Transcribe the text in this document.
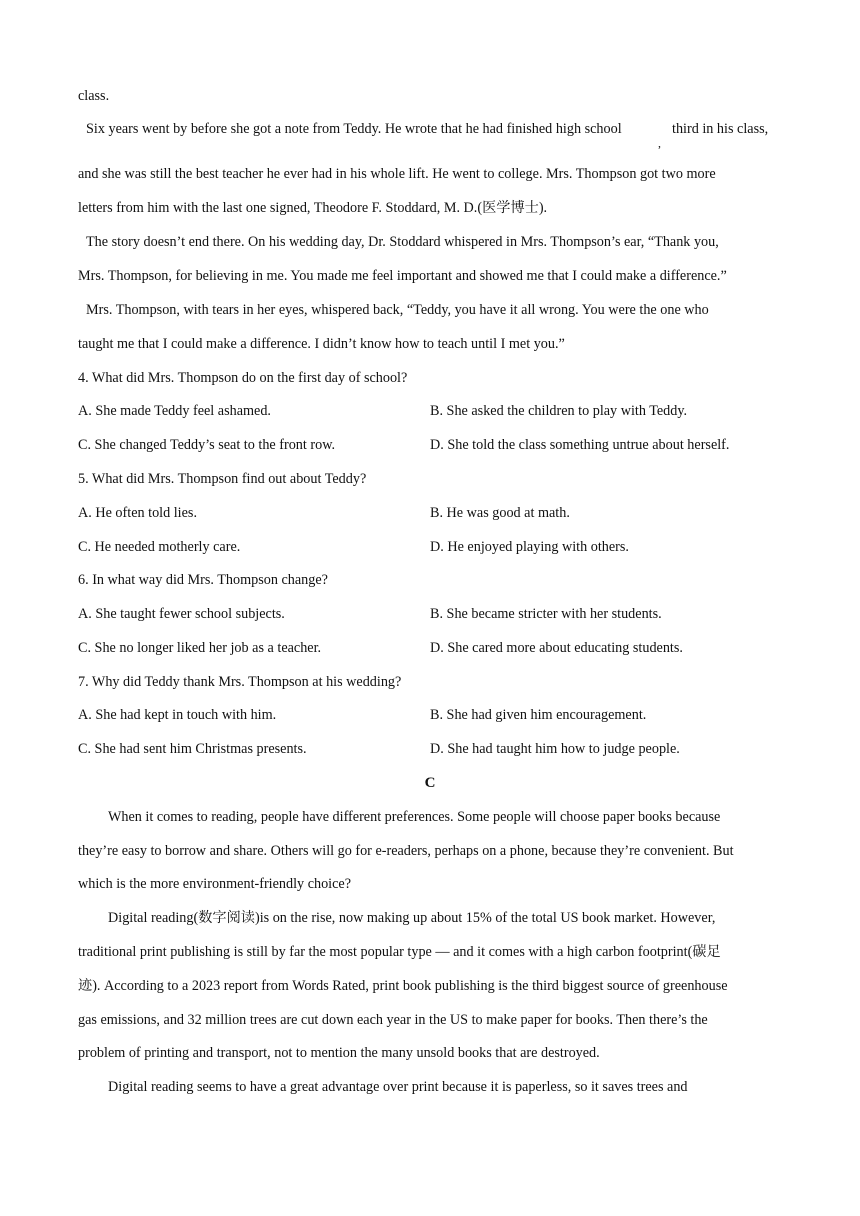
class.
Six years went by before she got a note from Teddy. He wrote that he had finished high school
,
third in his class,
and she was still the best teacher he ever had in his whole lift. He went to college. Mrs. Thompson got two more
letters from him with the last one signed, Theodore F. Stoddard, M. D.(医学博士).
The story doesn’t end there. On his wedding day, Dr. Stoddard whispered in Mrs. Thompson’s ear, “Thank you,
Mrs. Thompson, for believing in me. You made me feel important and showed me that I could make a difference.”
Mrs. Thompson, with tears in her eyes, whispered back, “Teddy, you have it all wrong. You were the one who
taught me that I could make a difference. I didn’t know how to teach until I met you.”
4. What did Mrs. Thompson do on the first day of school?
A. She made Teddy feel ashamed.	B. She asked the children to play with Teddy.
C. She changed Teddy’s seat to the front row.	D. She told the class something untrue about herself.
5. What did Mrs. Thompson find out about Teddy?
A. He often told lies.	B. He was good at math.
C. He needed motherly care.	D. He enjoyed playing with others.
6. In what way did Mrs. Thompson change?
A. She taught fewer school subjects.	B. She became stricter with her students.
C. She no longer liked her job as a teacher.	D. She cared more about educating students.
7. Why did Teddy thank Mrs. Thompson at his wedding?
A. She had kept in touch with him.	B. She had given him encouragement.
C. She had sent him Christmas presents.	D. She had taught him how to judge people.
C
When it comes to reading, people have different preferences. Some people will choose paper books because
they’re easy to borrow and share. Others will go for e-readers, perhaps on a phone, because they’re convenient. But
which is the more environment-friendly choice?
Digital reading(数字阅读)is on the rise, now making up about 15% of the total US book market. However,
traditional print publishing is still by far the most popular type — and it comes with a high carbon footprint(碳足
迹). According to a 2023 report from Words Rated, print book publishing is the third biggest source of greenhouse
gas emissions, and 32 million trees are cut down each year in the US to make paper for books. Then there’s the
problem of printing and transport, not to mention the many unsold books that are destroyed.
Digital reading seems to have a great advantage over print because it is paperless, so it saves trees and
